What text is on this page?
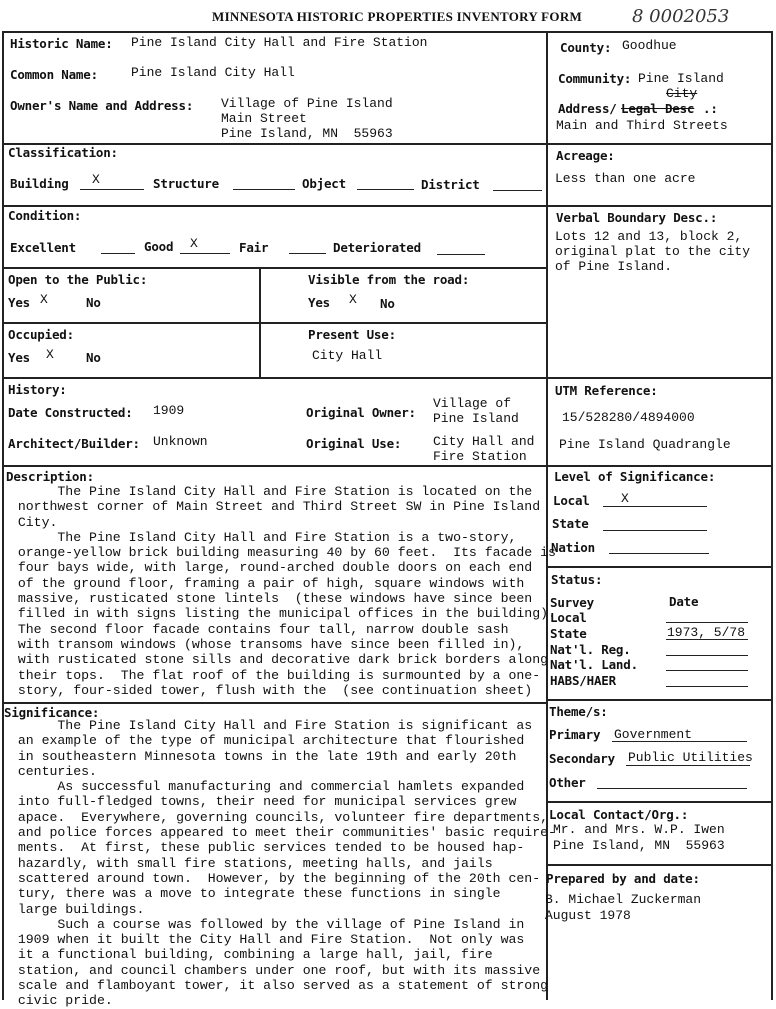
MINNESOTA HISTORIC PROPERTIES INVENTORY FORM	8 0002053
Historic Name: Pine Island City Hall and Fire Station
Common Name:	Pine Island City Hall
Owner's Name and Address: Village of Pine Island
Main Street
Pine Island, MN  55963
Classification:
Building X	Structure	Object	District
Condition:
Excellent	Good X	Fair	Deteriorated
Open to the Public:
Yes X	No
Visible from the road:
Yes X No
Occupied:
Yes X	No
Present Use:
City Hall
History:
Date Constructed: 1909	Original Owner:
Village of
Pine Island
Architect/Builder: Unknown	Original Use: City Hall and
Fire Station
Description:
The Pine Island City Hall and Fire Station is located on the
northwest corner of Main Street and Third Street SW in Pine Island
City.
The Pine Island City Hall and Fire Station is a two-story,
orange-yellow brick building measuring 40 by 60 feet.  Its facade is
four bays wide, with large, round-arched double doors on each end
of the ground floor, framing a pair of high, square windows with
massive, rusticated stone lintels  (these windows have since been
filled in with signs listing the municipal offices in the building).
The second floor facade contains four tall, narrow double sash
with transom windows (whose transoms have since been filled in),
with rusticated stone sills and decorative dark brick borders along
their tops.  The flat roof of the building is surmounted by a one-
story, four-sided tower, flush with the  (see continuation sheet)
Significance:
The Pine Island City Hall and Fire Station is significant as
an example of the type of municipal architecture that flourished
in southeastern Minnesota towns in the late 19th and early 20th
centuries.
As successful manufacturing and commercial hamlets expanded
into full-fledged towns, their need for municipal services grew
apace.  Everywhere, governing councils, volunteer fire departments,
and police forces appeared to meet their communities' basic require-
ments.  At first, these public services tended to be housed hap-
hazardly, with small fire stations, meeting halls, and jails
scattered around town.  However, by the beginning of the 20th cen-
tury, there was a move to integrate these functions in single
large buildings.
Such a course was followed by the village of Pine Island in
1909 when it built the City Hall and Fire Station.  Not only was
it a functional building, combining a large hall, jail, fire
station, and council chambers under one roof, but with its massive
scale and flamboyant tower, it also served as a statement of strong
civic pride.
County: Goodhue
Community: Pine Island
City
Address/ Legal Desc .:
Main and Third Streets
Acreage:
Less than one acre
Verbal Boundary Desc.:
Lots 12 and 13, block 2,
original plat to the city
of Pine Island.
UTM Reference:
15/528280/4894000
Pine Island Quadrangle
Level of Significance:
Local X
State
Nation
Status:
Survey	Date
Local
State	1973, 5/78
Nat'l. Reg.
Nat'l. Land.
HABS/HAER
Theme/s:
Primary Government
Secondary Public Utilities
Other
Local Contact/Org.:
Mr. and Mrs. W.P. Iwen
Pine Island, MN  55963
Prepared by and date:
B. Michael Zuckerman
August 1978
